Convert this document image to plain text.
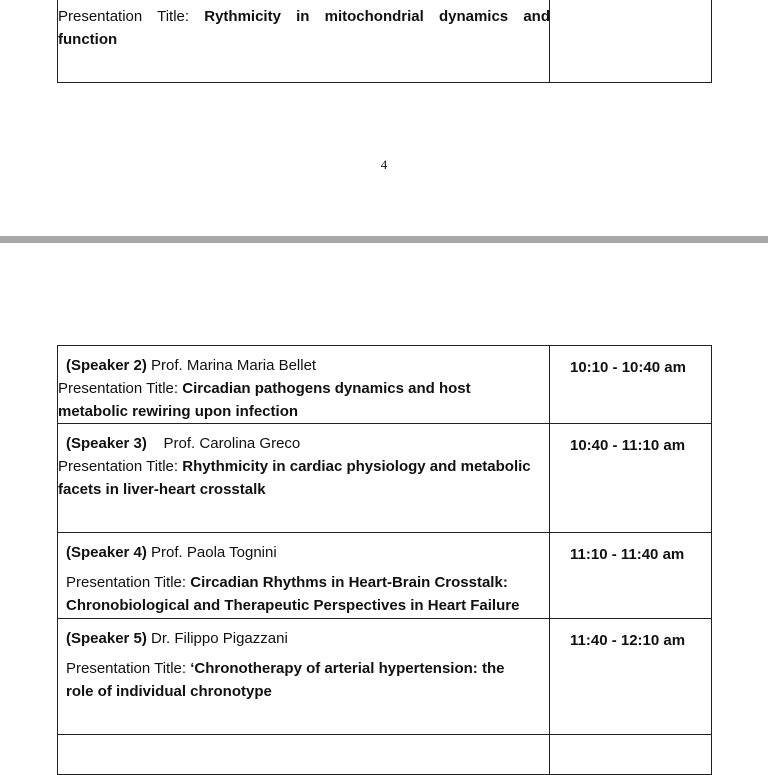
Presentation Title: Rythmicity in mitochondrial dynamics and
function

4
(Speaker 2) Prof. Marina Maria Bellet
Presentation Title: Circadian pathogens dynamics and host
metabolic rewiring upon infection	10:10 - 10:40 am

(Speaker 3)    Prof. Carolina Greco
Presentation Title: Rhythmicity in cardiac physiology and metabolic
facets in liver-heart crosstalk	10:40 - 11:10 am

(Speaker 4) Prof. Paola Tognini
Presentation Title: Circadian Rhythms in Heart-Brain Crosstalk:
Chronobiological and Therapeutic Perspectives in Heart Failure	11:10 - 11:40 am

(Speaker 5) Dr. Filippo Pigazzani
Presentation Title: ‘Chronotherapy of arterial hypertension: the
role of individual chronotype	11:40 - 12:10 am
